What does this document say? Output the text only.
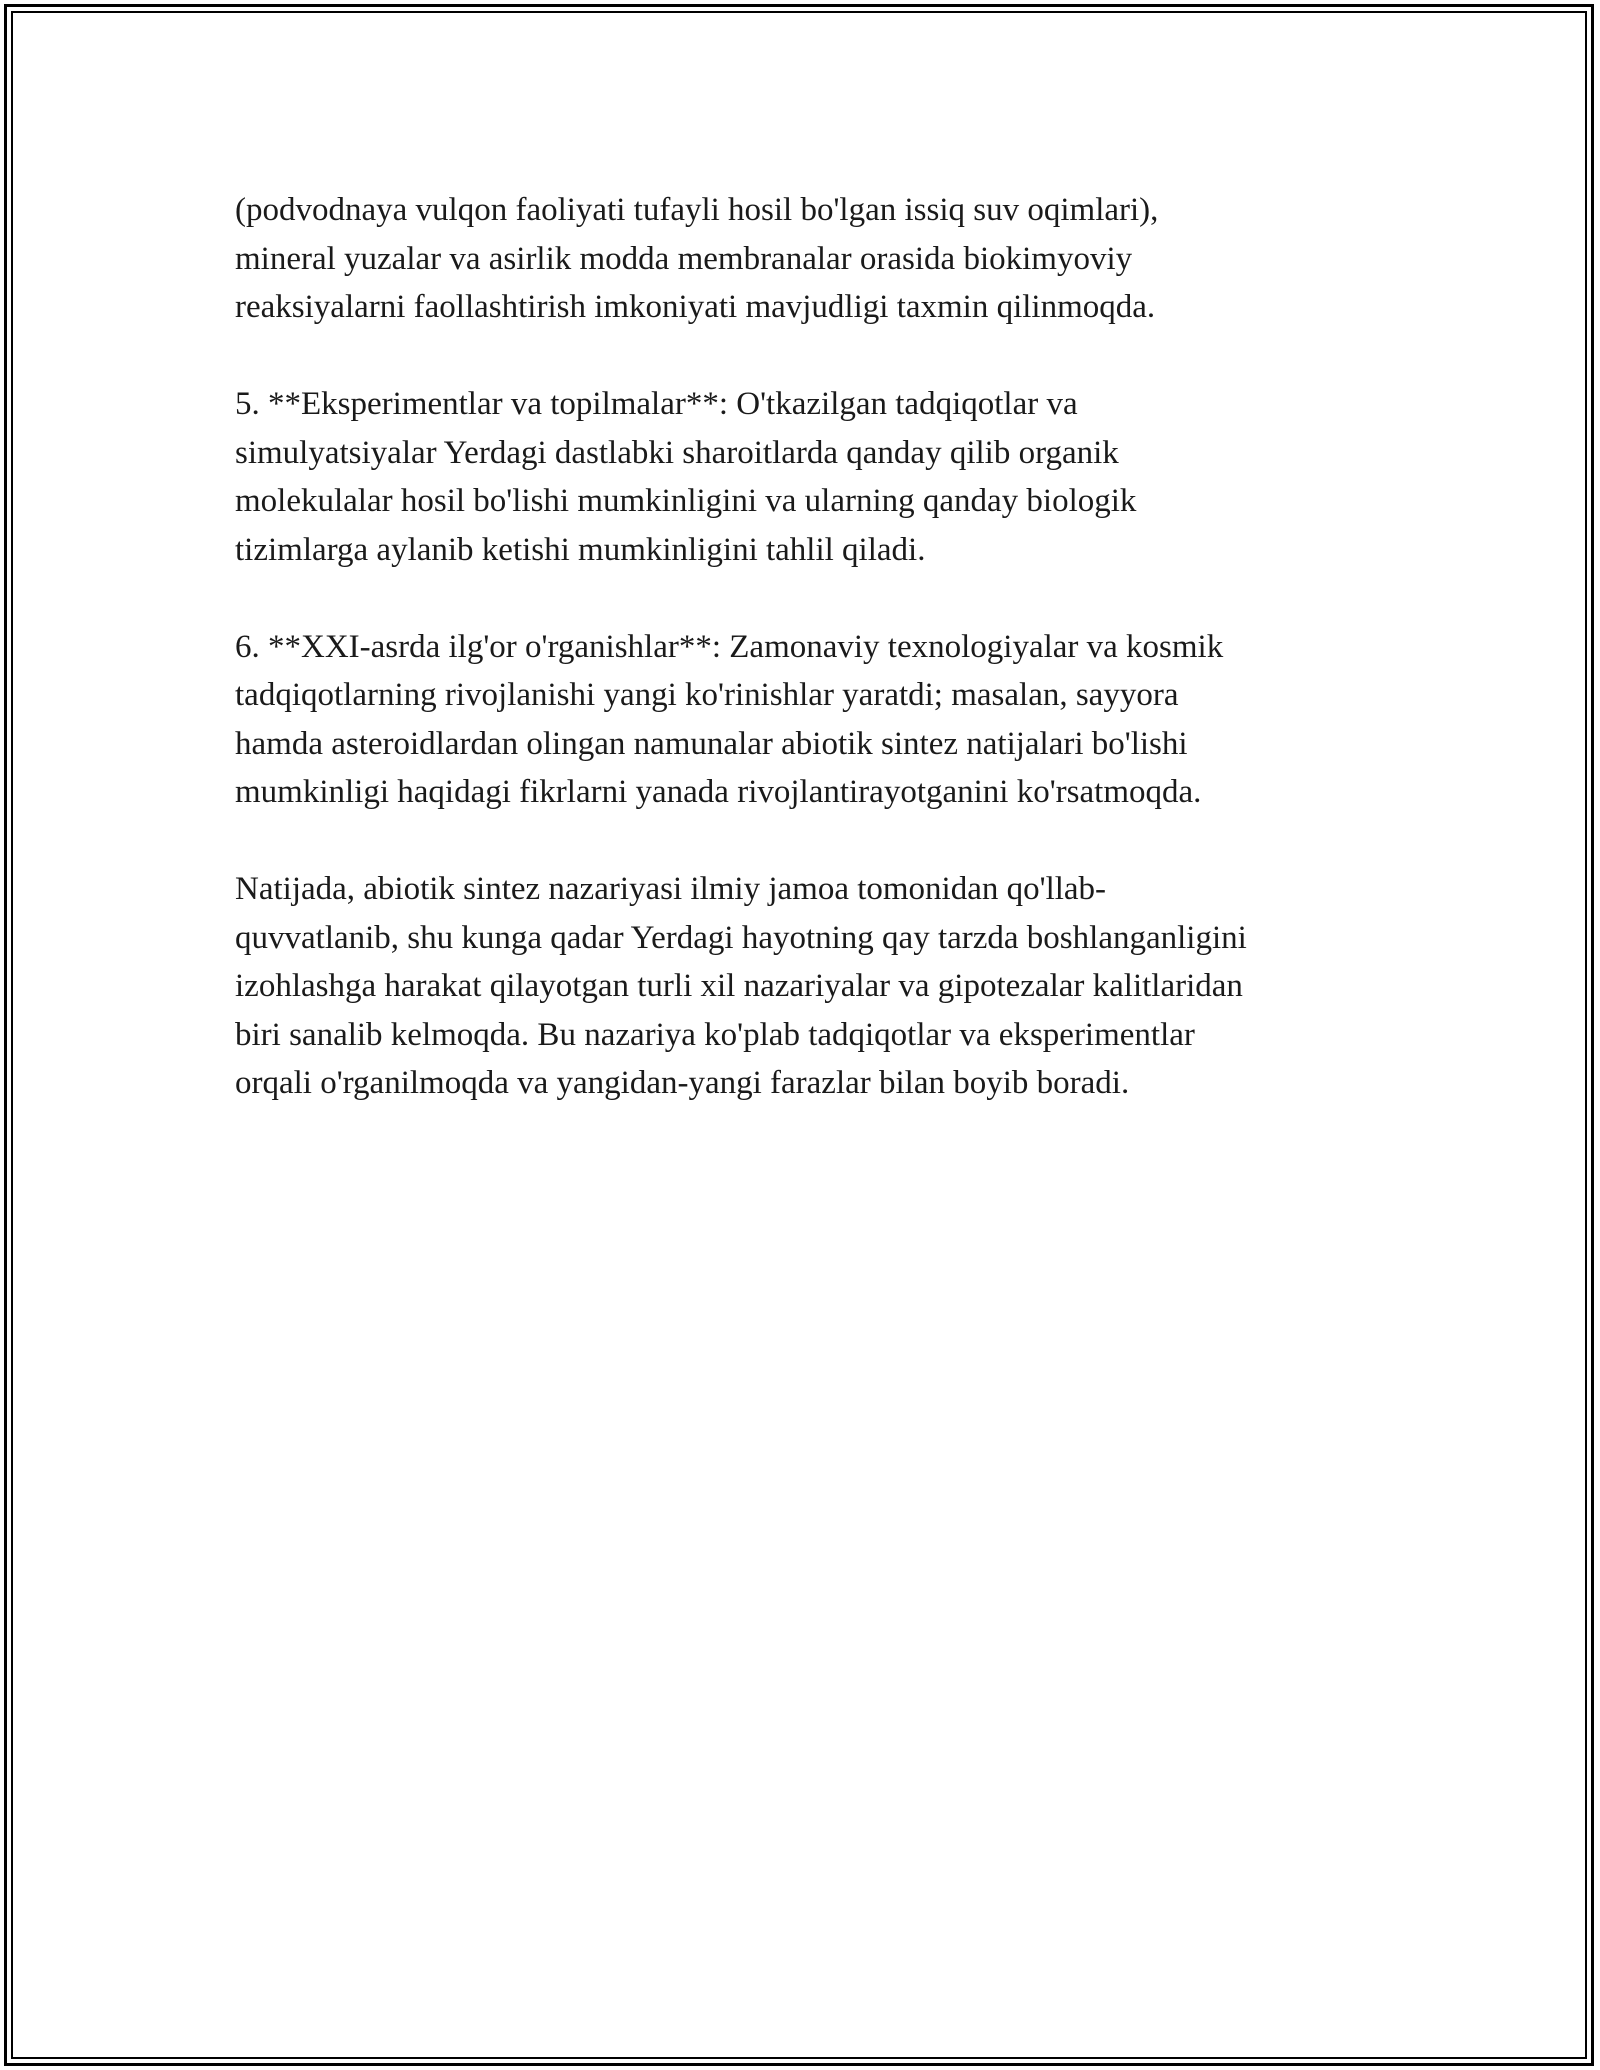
(podvodnaya vulqon faoliyati tufayli hosil bo'lgan issiq suv oqimlari),
mineral yuzalar va asirlik modda membranalar orasida biokimyoviy
reaksiyalarni faollashtirish imkoniyati mavjudligi taxmin qilinmoqda.

5. **Eksperimentlar va topilmalar**: O'tkazilgan tadqiqotlar va
simulyatsiyalar Yerdagi dastlabki sharoitlarda qanday qilib organik
molekulalar hosil bo'lishi mumkinligini va ularning qanday biologik
tizimlarga aylanib ketishi mumkinligini tahlil qiladi.

6. **XXI-asrda ilg'or o'rganishlar**: Zamonaviy texnologiyalar va kosmik
tadqiqotlarning rivojlanishi yangi ko'rinishlar yaratdi; masalan, sayyora
hamda asteroidlardan olingan namunalar abiotik sintez natijalari bo'lishi
mumkinligi haqidagi fikrlarni yanada rivojlantirayotganini ko'rsatmoqda.

Natijada, abiotik sintez nazariyasi ilmiy jamoa tomonidan qo'llab-
quvvatlanib, shu kunga qadar Yerdagi hayotning qay tarzda boshlanganligini
izohlashga harakat qilayotgan turli xil nazariyalar va gipotezalar kalitlaridan
biri sanalib kelmoqda. Bu nazariya ko'plab tadqiqotlar va eksperimentlar
orqali o'rganilmoqda va yangidan-yangi farazlar bilan boyib boradi.
